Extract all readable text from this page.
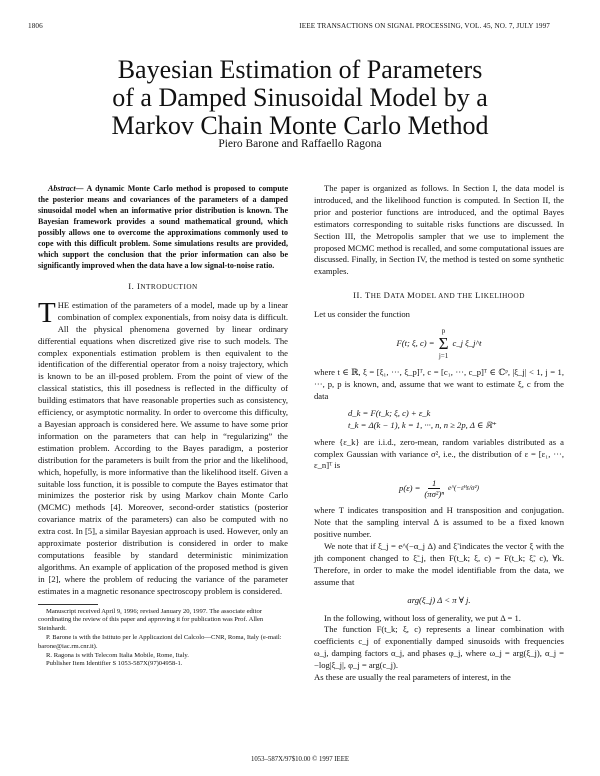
1806	IEEE TRANSACTIONS ON SIGNAL PROCESSING, VOL. 45, NO. 7, JULY 1997
Bayesian Estimation of Parameters
of a Damped Sinusoidal Model by a
Markov Chain Monte Carlo Method
Piero Barone and Raffaello Ragona

Abstract— A dynamic Monte Carlo method is proposed to compute the posterior means and covariances of the parameters of a damped sinusoidal model when an informative prior distribution is known. The Bayesian framework provides a sound mathematical ground, which possibly allows one to overcome the approximations commonly used to cope with this difficult problem. Some simulations results are provided, which support the conclusion that the prior information can also be significantly improved when the data have a low signal-to-noise ratio.

I. INTRODUCTION

THE estimation of the parameters of a model, made up by a linear combination of complex exponentials, from noisy data is difficult. All the physical phenomena governed by linear ordinary differential equations when discretized give rise to such models. The complex exponentials estimation problem is then equivalent to the identification of the differential operator from a noisy trajectory, which is known to be an ill-posed problem. From the point of view of the classical statistics, this ill posedness is reflected in the difficulty of building estimators that have reasonable properties such as consistency, efficiency, or asymptotic normality. In order to overcome this difficulty, a Bayesian approach is considered here. We assume to have some prior information on the parameters that can help in “regularizing” the estimation problem. According to the Bayes paradigm, a posterior distribution for the parameters is built from the prior and the likelihood, which, hopefully, is more informative than the likelihood itself. Given a suitable loss function, it is possible to compute the Bayes estimator that minimizes the posterior risk by using Markov chain Monte Carlo (MCMC) methods [4]. Moreover, second-order statistics (posterior covariance matrix of the parameters) can also be computed with no extra cost. In [5], a similar Bayesian approach is used. However, only an approximate posterior distribution is considered in order to make computations feasible by standard deterministic minimization algorithms. An example of application of the proposed method is given in [2], where the problem of reducing the variance of the parameter estimates in a magnetic resonance spectroscopy problem is considered.

Manuscript received April 9, 1996; revised January 20, 1997. The associate editor coordinating the review of this paper and approving it for publication was Prof. Allen Steinhardt.

P. Barone is with the Istituto per le Applicazioni del Calcolo—CNR, Roma, Italy (e-mail: barone@iac.rm.cnr.it).

R. Ragona is with Telecom Italia Mobile, Rome, Italy.

Publisher Item Identifier S 1053-587X(97)04958-1.

The paper is organized as follows. In Section I, the data model is introduced, and the likelihood function is computed. In Section II, the prior and posterior functions are introduced, and the optimal Bayes estimators corresponding to suitable risks functions are discussed. In Section III, the Metropolis sampler that we use to implement the proposed MCMC method is recalled, and some computational issues are discussed. Finally, in Section IV, the method is tested on some synthetic examples.

II. THE DATA MODEL AND THE LIKELIHOOD

Let us consider the function

F(t; ξ, c) =
p
Σ
j=1
c_j ξ_j^t

where t ∈ ℝ, ξ = [ξ₁, ···, ξ_p]ᵀ, c = [c₁, ···, c_p]ᵀ ∈ ℂᵖ, |ξ_j| < 1, j = 1, ···, p, p is known, and, assume that we want to estimate ξ, c from the data

d_k = F(t_k; ξ, c) + ε_k
t_k = Δ(k − 1), k = 1, ···, n, n ≥ 2p, Δ ∈ ℝ⁺

where {ε_k} are i.i.d., zero-mean, random variables distributed as a complex Gaussian with variance σ², i.e., the distribution of ε = [ε₁, ···, ε_n]ᵀ is

$p(\varepsilon) = \frac{1}{\text{(πσ²)ⁿ}}$ e^(−εᴴε/σ²)

where T indicates transposition and H transposition and conjugation. Note that the sampling interval Δ is assumed to be a fixed known positive number.

We note that if ξ_j = e^(−α_j Δ) and ξ̃ indicates the vector ξ with the jth component changed to ξ̃_j, then F(t_k; ξ, c) = F(t_k; ξ̃, c), ∀k. Therefore, in order to make the model identifiable from the data, we assume that

arg(ξ_j) Δ < π ∀ j.

In the following, without loss of generality, we put Δ = 1.

The function F(t_k; ξ, c) represents a linear combination with coefficients c_j of exponentially damped sinusoids with frequencies ω_j, damping factors α_j, and phases φ_j, where ω_j = arg(ξ_j), α_j = −log|ξ_j|, φ_j = arg(c_j).

As these are usually the real parameters of interest, in the

1053–587X/97$10.00 © 1997 IEEE
